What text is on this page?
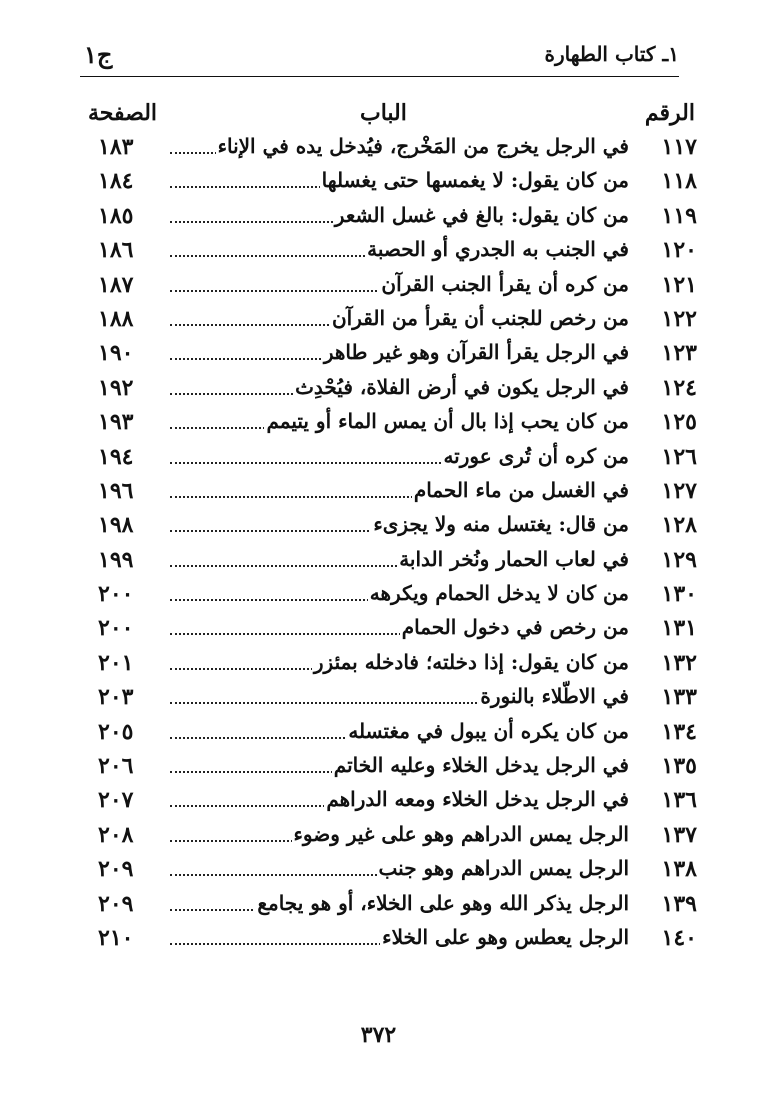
١ـ كتاب الطهارة
ج١
الرقم
الباب
الصفحة
١١٧
في الرجل يخرج من المَخْرج، فيُدخل يده في الإناء
١٨٣
١١٨
من كان يقول: لا يغمسها حتى يغسلها
١٨٤
١١٩
من كان يقول: بالغ في غسل الشعر
١٨٥
١٢٠
في الجنب به الجدري أو الحصبة
١٨٦
١٢١
من كره أن يقرأ الجنب القرآن
١٨٧
١٢٢
من رخص للجنب أن يقرأ من القرآن
١٨٨
١٢٣
في الرجل يقرأ القرآن وهو غير طاهر
١٩٠
١٢٤
في الرجل يكون في أرض الفلاة، فيُحْدِث
١٩٢
١٢٥
من كان يحب إذا بال أن يمس الماء أو يتيمم
١٩٣
١٢٦
من كره أن تُرى عورته
١٩٤
١٢٧
في الغسل من ماء الحمام
١٩٦
١٢٨
من قال: يغتسل منه ولا يجزىء
١٩٨
١٢٩
في لعاب الحمار ونُخر الدابة
١٩٩
١٣٠
من كان لا يدخل الحمام ويكرهه
٢٠٠
١٣١
من رخص في دخول الحمام
٢٠٠
١٣٢
من كان يقول: إذا دخلته؛ فادخله بمئزر
٢٠١
١٣٣
في الاطّلاء بالنورة
٢٠٣
١٣٤
من كان يكره أن يبول في مغتسله
٢٠٥
١٣٥
في الرجل يدخل الخلاء وعليه الخاتم
٢٠٦
١٣٦
في الرجل يدخل الخلاء ومعه الدراهم
٢٠٧
١٣٧
الرجل يمس الدراهم وهو على غير وضوء
٢٠٨
١٣٨
الرجل يمس الدراهم وهو جنب
٢٠٩
١٣٩
الرجل يذكر الله وهو على الخلاء، أو هو يجامع
٢٠٩
١٤٠
الرجل يعطس وهو على الخلاء
٢١٠
٣٧٢
